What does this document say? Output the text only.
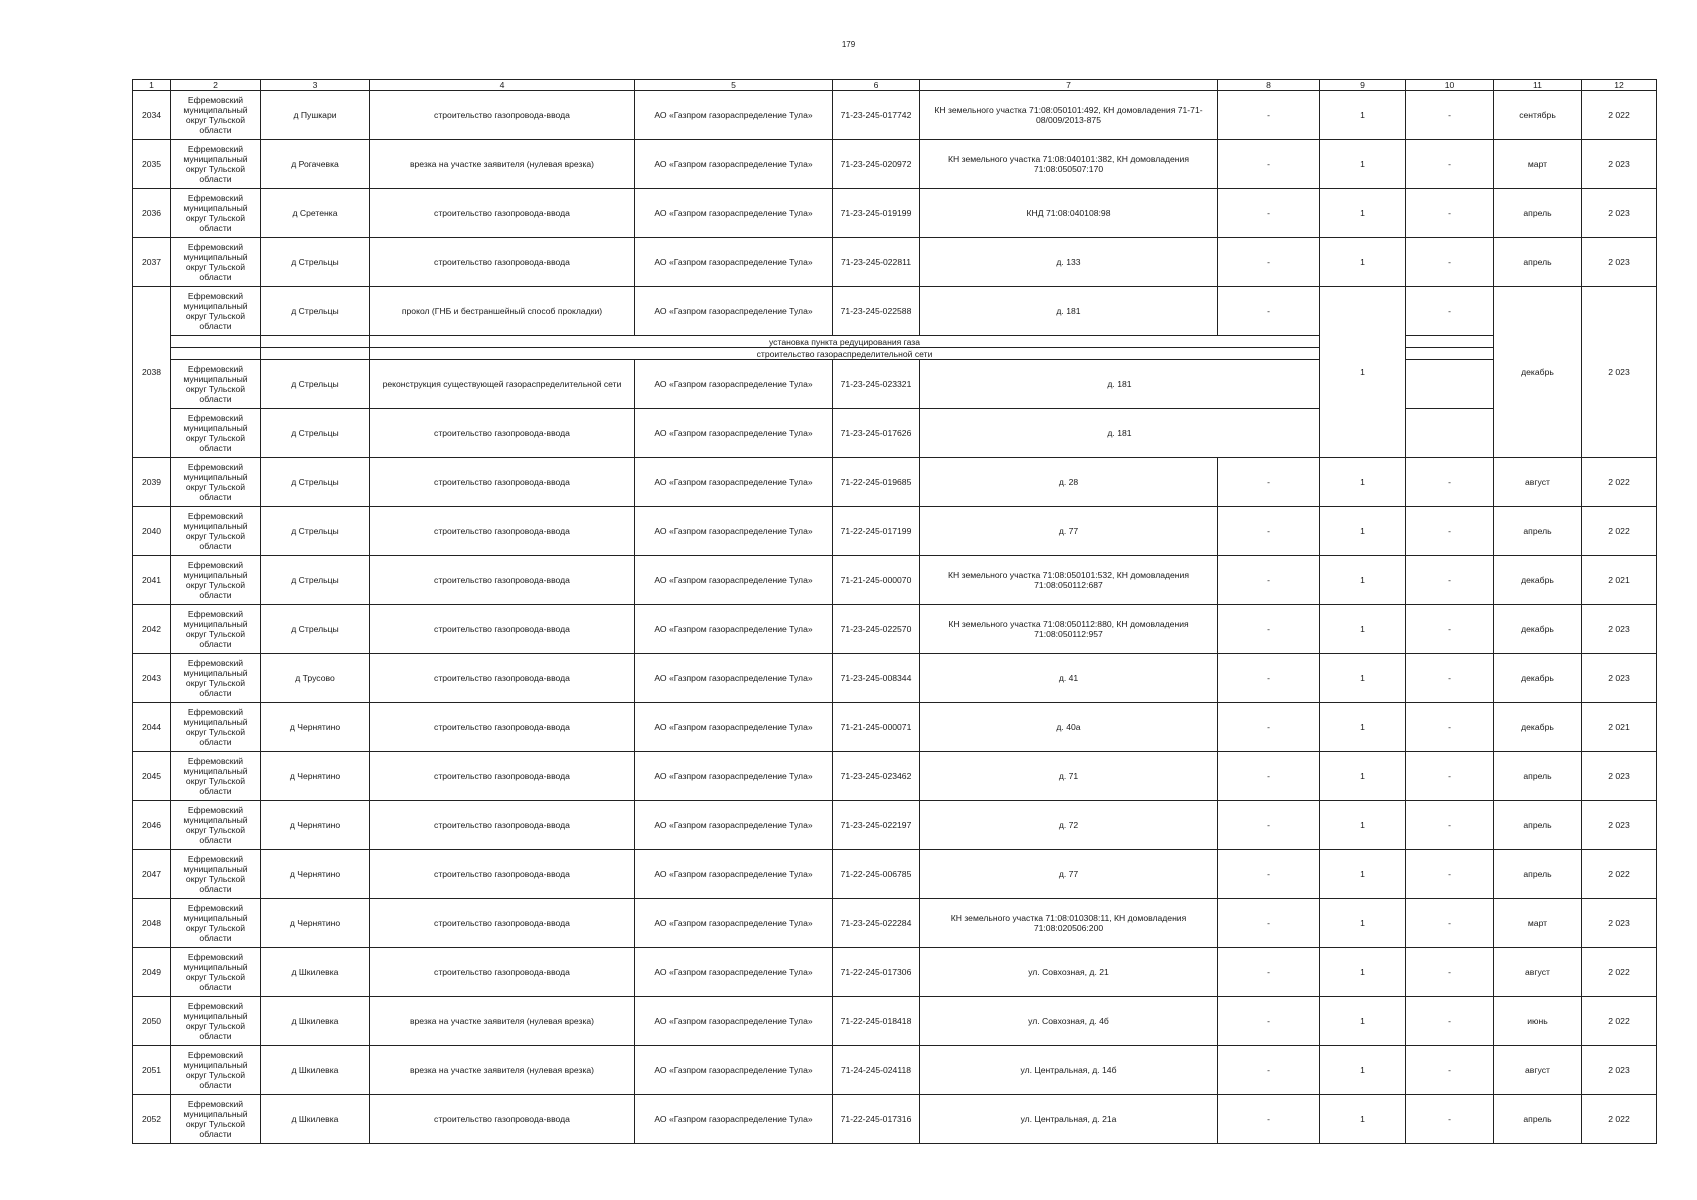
179
1	2	3	4	5	6	7	8	9	10	11	12
2034	Ефремовский муниципальный округ Тульской области	д Пушкари	строительство газопровода-ввода	АО «Газпром газораспределение Тула»	71-23-245-017742	КН земельного участка 71:08:050101:492, КН домовладения 71-71-08/009/2013-875	-	1	-	сентябрь	2 022
2035	Ефремовский муниципальный округ Тульской области	д Рогачевка	врезка на участке заявителя (нулевая врезка)	АО «Газпром газораспределение Тула»	71-23-245-020972	КН земельного участка 71:08:040101:382, КН домовладения 71:08:050507:170	-	1	-	март	2 023
2036	Ефремовский муниципальный округ Тульской области	д Сретенка	строительство газопровода-ввода	АО «Газпром газораспределение Тула»	71-23-245-019199	КНД 71:08:040108:98	-	1	-	апрель	2 023
2037	Ефремовский муниципальный округ Тульской области	д Стрельцы	строительство газопровода-ввода	АО «Газпром газораспределение Тула»	71-23-245-022811	д. 133	-	1	-	апрель	2 023
2038	Ефремовский муниципальный округ Тульской области	д Стрельцы	прокол (ГНБ и бестраншейный способ прокладки)	АО «Газпром газораспределение Тула»	71-23-245-022588	д. 181	-	1	-	декабрь	2 023
			установка пункта редуцирования газа								
			строительство газораспределительной сети								
	Ефремовский муниципальный округ Тульской области	д Стрельцы	реконструкция существующей газораспределительной сети	АО «Газпром газораспределение Тула»	71-23-245-023321	д. 181					
	Ефремовский муниципальный округ Тульской области	д Стрельцы	строительство газопровода-ввода	АО «Газпром газораспределение Тула»	71-23-245-017626	д. 181					
2039	Ефремовский муниципальный округ Тульской области	д Стрельцы	строительство газопровода-ввода	АО «Газпром газораспределение Тула»	71-22-245-019685	д. 28	-	1	-	август	2 022
2040	Ефремовский муниципальный округ Тульской области	д Стрельцы	строительство газопровода-ввода	АО «Газпром газораспределение Тула»	71-22-245-017199	д. 77	-	1	-	апрель	2 022
2041	Ефремовский муниципальный округ Тульской области	д Стрельцы	строительство газопровода-ввода	АО «Газпром газораспределение Тула»	71-21-245-000070	КН земельного участка 71:08:050101:532, КН домовладения 71:08:050112:687	-	1	-	декабрь	2 021
2042	Ефремовский муниципальный округ Тульской области	д Стрельцы	строительство газопровода-ввода	АО «Газпром газораспределение Тула»	71-23-245-022570	КН земельного участка 71:08:050112:880, КН домовладения 71:08:050112:957	-	1	-	декабрь	2 023
2043	Ефремовский муниципальный округ Тульской области	д Трусово	строительство газопровода-ввода	АО «Газпром газораспределение Тула»	71-23-245-008344	д. 41	-	1	-	декабрь	2 023
2044	Ефремовский муниципальный округ Тульской области	д Чернятино	строительство газопровода-ввода	АО «Газпром газораспределение Тула»	71-21-245-000071	д. 40а	-	1	-	декабрь	2 021
2045	Ефремовский муниципальный округ Тульской области	д Чернятино	строительство газопровода-ввода	АО «Газпром газораспределение Тула»	71-23-245-023462	д. 71	-	1	-	апрель	2 023
2046	Ефремовский муниципальный округ Тульской области	д Чернятино	строительство газопровода-ввода	АО «Газпром газораспределение Тула»	71-23-245-022197	д. 72	-	1	-	апрель	2 023
2047	Ефремовский муниципальный округ Тульской области	д Чернятино	строительство газопровода-ввода	АО «Газпром газораспределение Тула»	71-22-245-006785	д. 77	-	1	-	апрель	2 022
2048	Ефремовский муниципальный округ Тульской области	д Чернятино	строительство газопровода-ввода	АО «Газпром газораспределение Тула»	71-23-245-022284	КН земельного участка 71:08:010308:11, КН домовладения 71:08:020506:200	-	1	-	март	2 023
2049	Ефремовский муниципальный округ Тульской области	д Шкилевка	строительство газопровода-ввода	АО «Газпром газораспределение Тула»	71-22-245-017306	ул. Совхозная, д. 21	-	1	-	август	2 022
2050	Ефремовский муниципальный округ Тульской области	д Шкилевка	врезка на участке заявителя (нулевая врезка)	АО «Газпром газораспределение Тула»	71-22-245-018418	ул. Совхозная, д. 4б	-	1	-	июнь	2 022
2051	Ефремовский муниципальный округ Тульской области	д Шкилевка	врезка на участке заявителя (нулевая врезка)	АО «Газпром газораспределение Тула»	71-24-245-024118	ул. Центральная, д. 14б	-	1	-	август	2 023
2052	Ефремовский муниципальный округ Тульской области	д Шкилевка	строительство газопровода-ввода	АО «Газпром газораспределение Тула»	71-22-245-017316	ул. Центральная, д. 21а	-	1	-	апрель	2 022
